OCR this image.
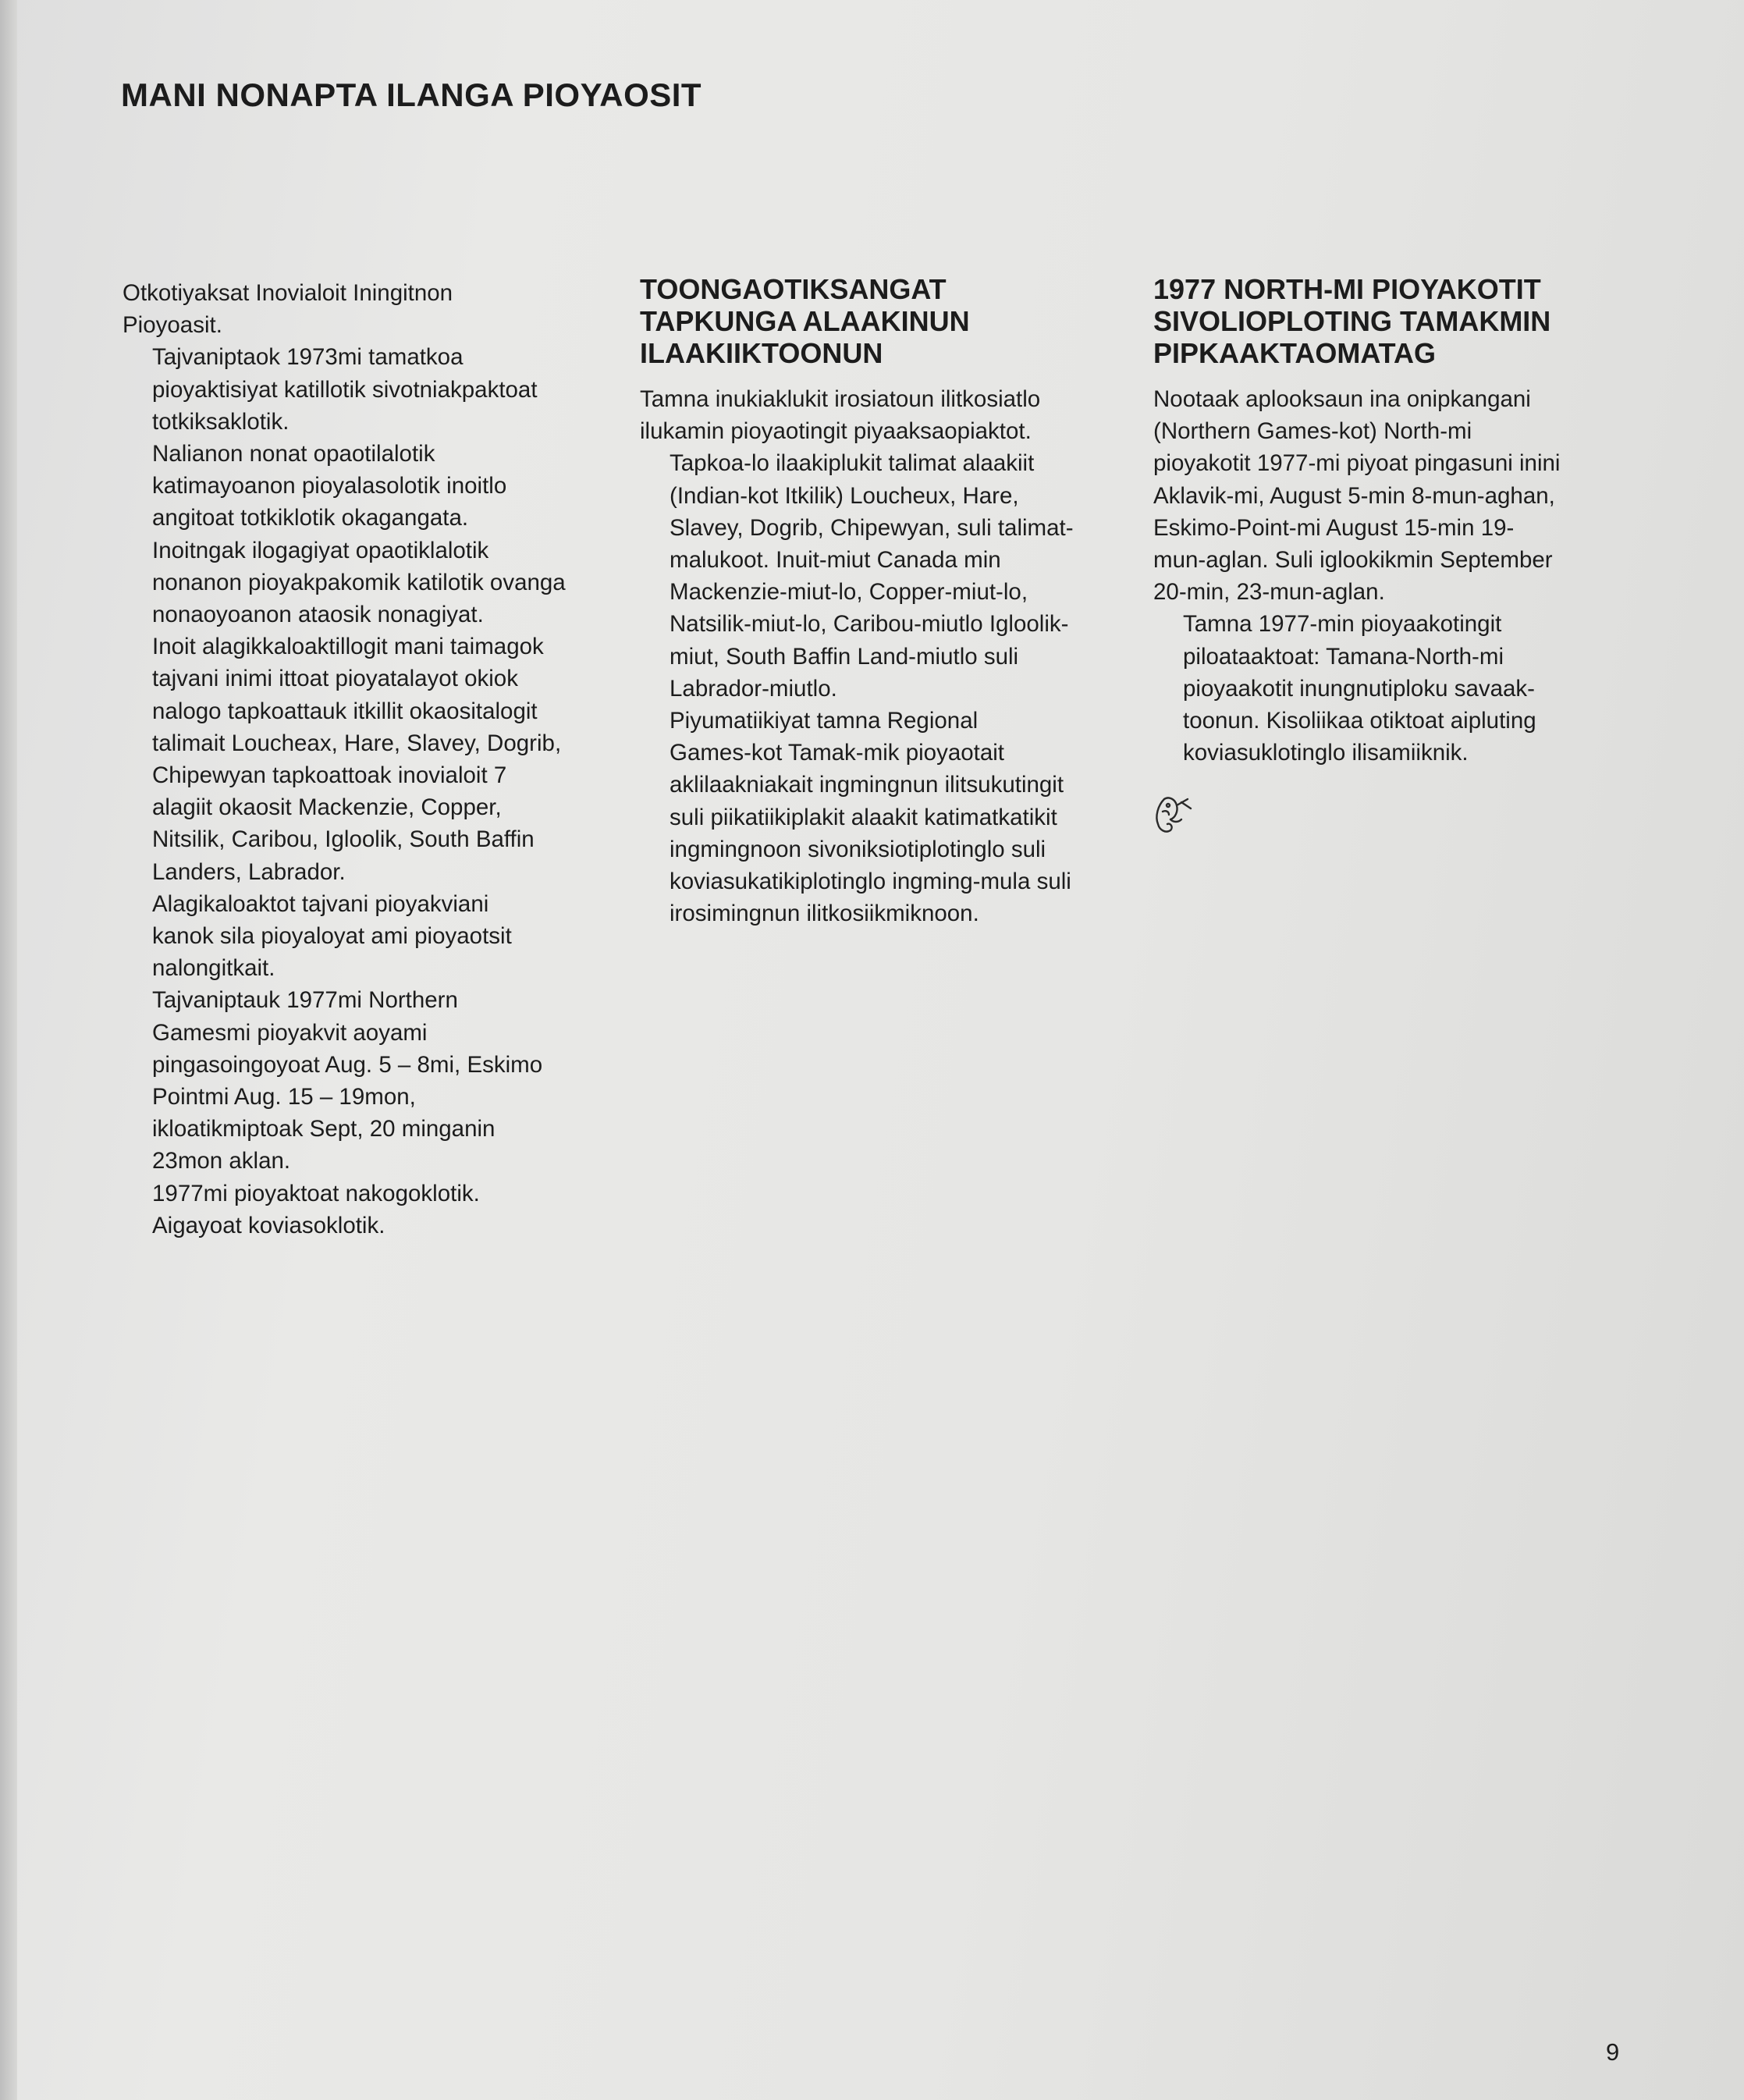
MANI NONAPTA ILANGA PIOYAOSIT

Otkotiyaksat Inovialoit Iningitnon
Pioyoasit.

Tajvaniptaok 1973mi tamatkoa
pioyaktisiyat katillotik sivotniakpaktoat
totkiksaklotik.

Nalianon nonat opaotilalotik
katimayoanon pioyalasolotik inoitlo
angitoat totkiklotik okagangata.

Inoitngak ilogagiyat opaotiklalotik
nonanon pioyakpakomik katilotik ovanga
nonaoyoanon ataosik nonagiyat.

Inoit alagikkaloaktillogit mani taimagok
tajvani inimi ittoat pioyatalayot okiok
nalogo tapkoattauk itkillit okaositalogit
talimait Loucheax, Hare, Slavey, Dogrib,
Chipewyan tapkoattoak inovialoit 7
alagiit okaosit Mackenzie, Copper,
Nitsilik, Caribou, Igloolik, South Baffin
Landers, Labrador.

Alagikaloaktot tajvani pioyakviani
kanok sila pioyaloyat ami pioyaotsit
nalongitkait.

Tajvaniptauk 1977mi Northern
Gamesmi pioyakvit aoyami
pingasoingoyoat Aug. 5 – 8mi, Eskimo
Pointmi Aug. 15 – 19mon,
ikloatikmiptoak Sept, 20 minganin
23mon aklan.

1977mi pioyaktoat nakogoklotik.

Aigayoat koviasoklotik.

TOONGAOTIKSANGAT
TAPKUNGA ALAAKINUN
ILAAKIIKTOONUN

Tamna inukiaklukit irosiatoun ilitkosiatlo
ilukamin pioyaotingit piyaaksaopiaktot.

Tapkoa-lo ilaakiplukit talimat alaakiit
(Indian-kot Itkilik) Loucheux, Hare,
Slavey, Dogrib, Chipewyan, suli talimat-
malukoot. Inuit-miut Canada min
Mackenzie-miut-lo, Copper-miut-lo,
Natsilik-miut-lo, Caribou-miutlo Igloolik-
miut, South Baffin Land-miutlo suli
Labrador-miutlo.

Piyumatiikiyat tamna Regional
Games-kot Tamak-mik pioyaotait
aklilaakniakait ingmingnun ilitsukutingit
suli piikatiikiplakit alaakit katimatkatikit
ingmingnoon sivoniksiotiplotinglo suli
koviasukatikiplotinglo ingming-mula suli
irosimingnun ilitkosiikmiknoon.

1977 NORTH-MI PIOYAKOTIT
SIVOLIOPLOTING TAMAKMIN
PIPKAAKTAOMATAG

Nootaak aplooksaun ina onipkangani
(Northern Games-kot) North-mi
pioyakotit 1977-mi piyoat pingasuni inini
Aklavik-mi, August 5-min 8-mun-aghan,
Eskimo-Point-mi August 15-min 19-
mun-aglan. Suli iglookikmin September
20-min, 23-mun-aglan.

Tamna 1977-min pioyaakotingit
piloataaktoat: Tamana-North-mi
pioyaakotit inungnutiploku savaak-
toonun. Kisoliikaa otiktoat aipluting
koviasuklotinglo ilisamiiknik.

9
